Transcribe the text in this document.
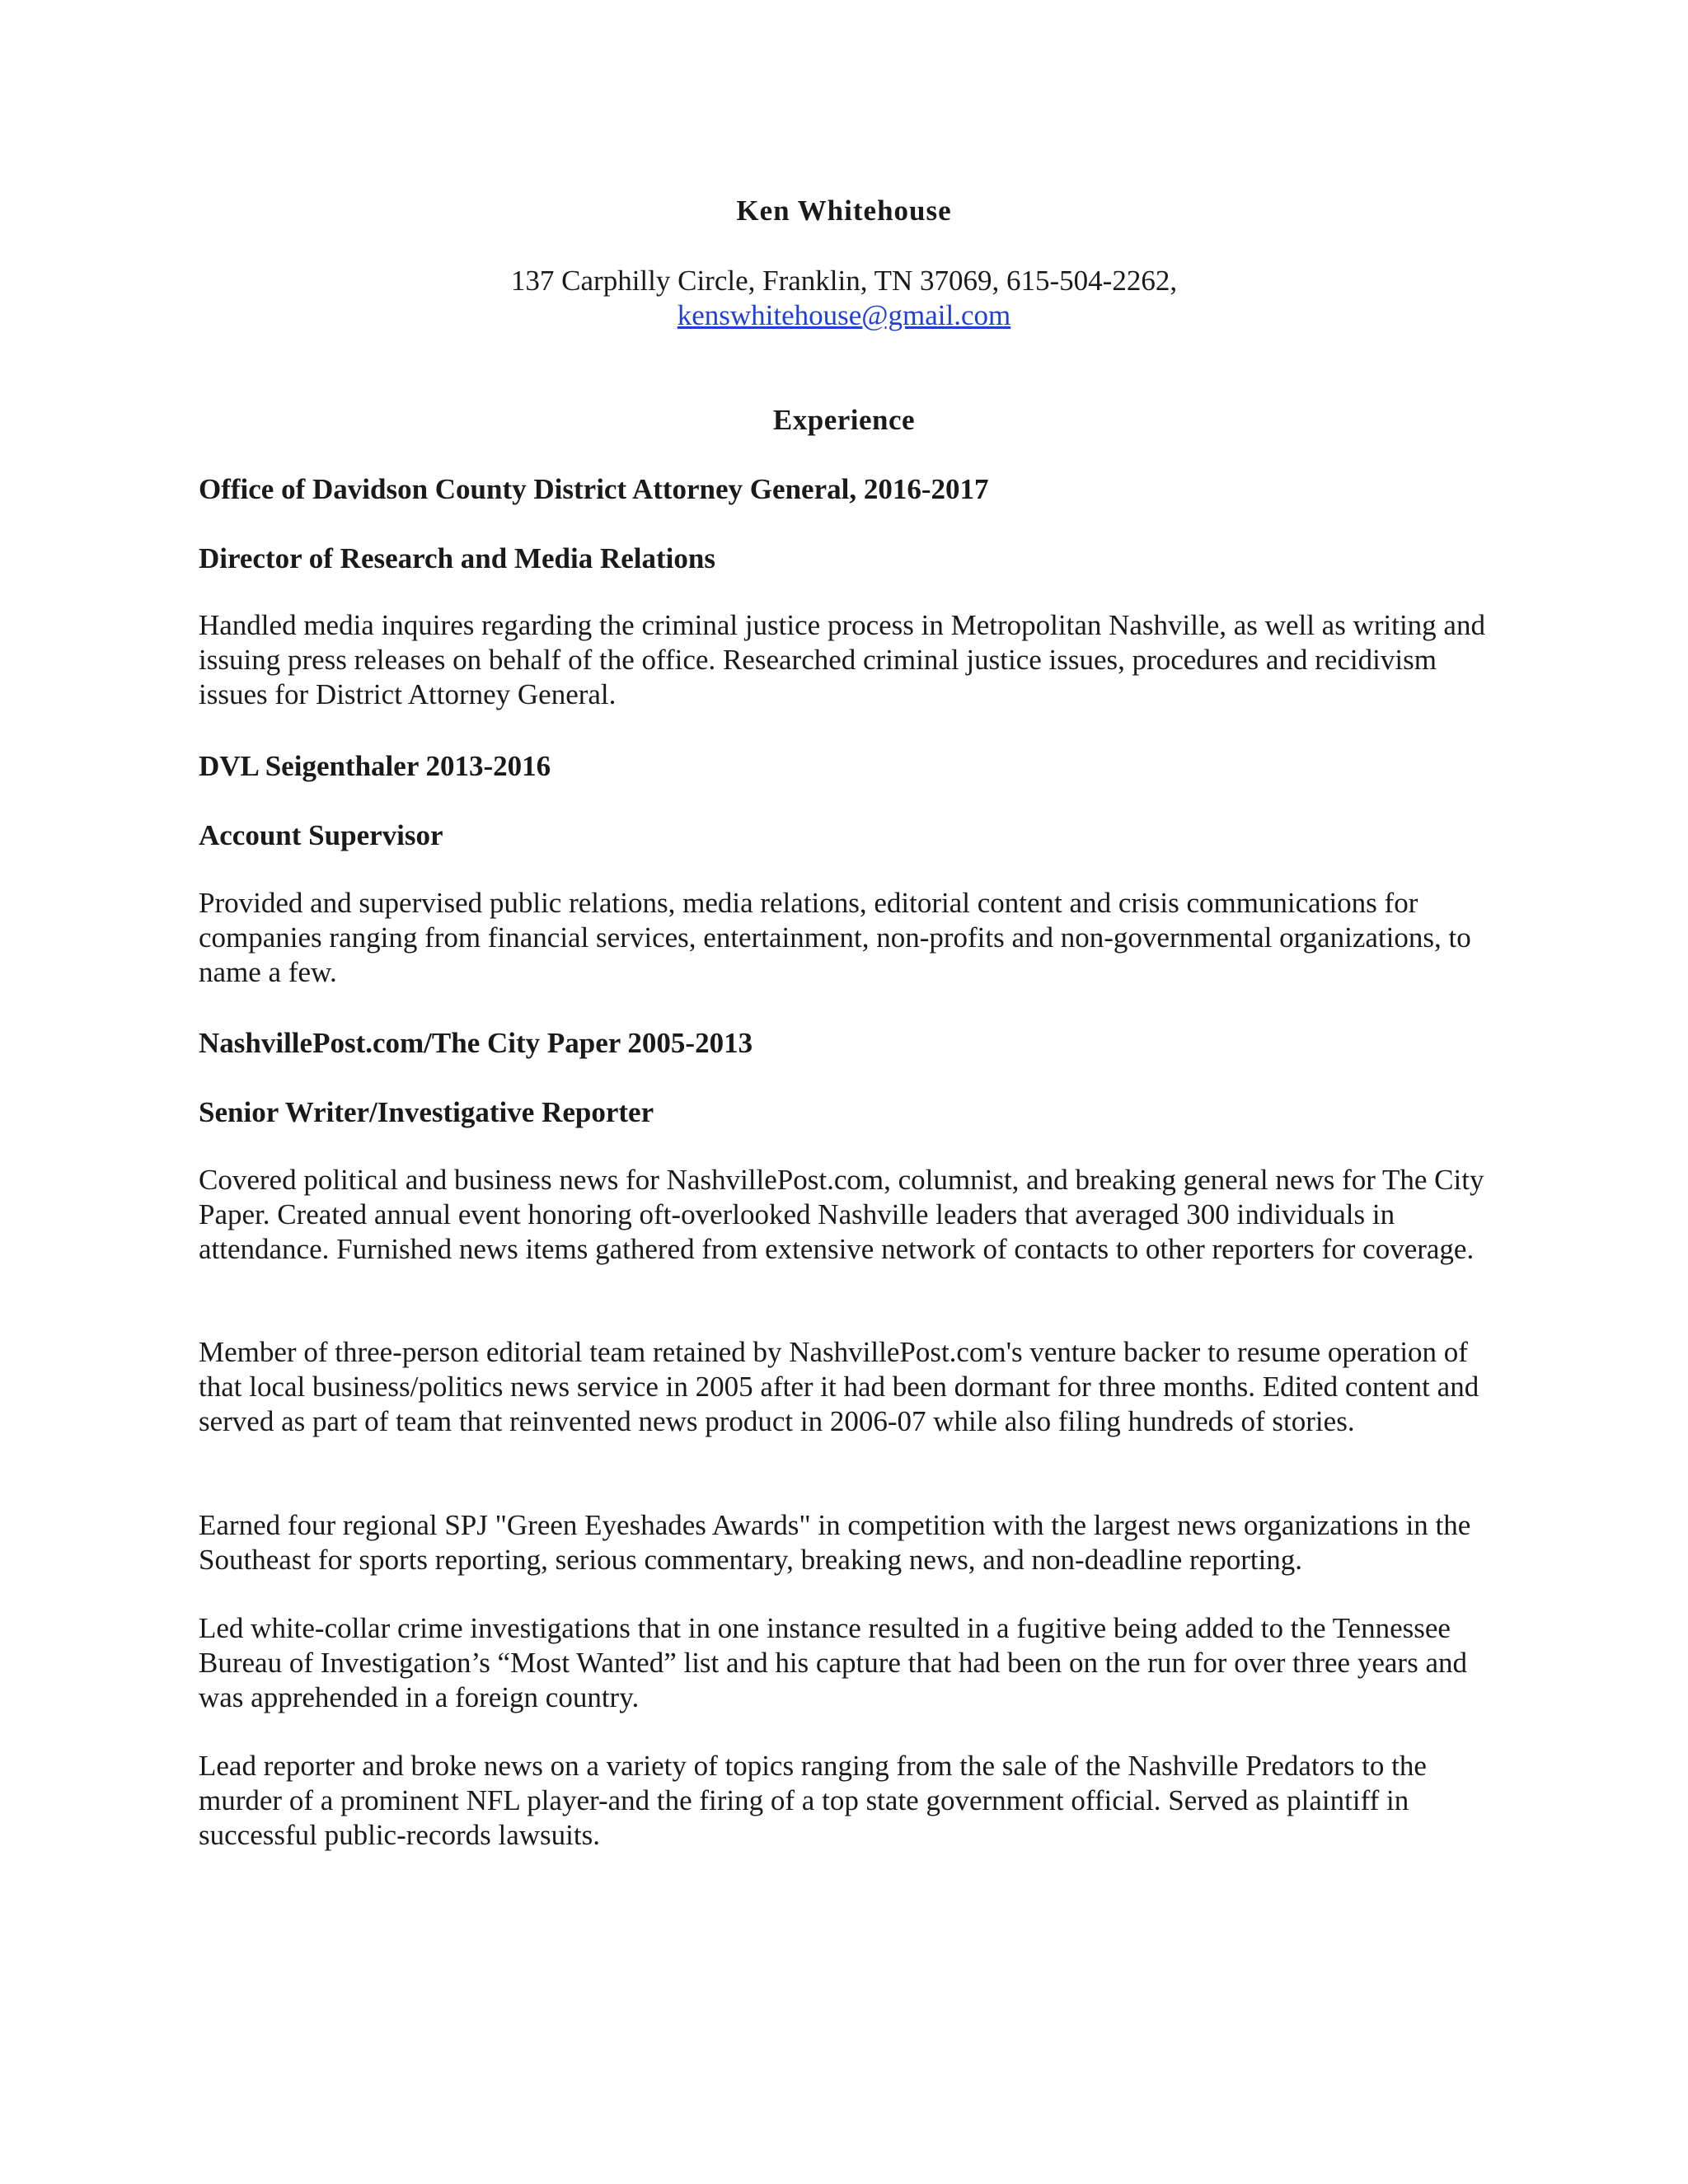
Ken Whitehouse
137 Carphilly Circle, Franklin, TN 37069, 615-504-2262,
kenswhitehouse@gmail.com
Experience
Office of Davidson County District Attorney General, 2016-2017
Director of Research and Media Relations
Handled media inquires regarding the criminal justice process in Metropolitan Nashville, as well as writing and issuing press releases on behalf of the office. Researched criminal justice issues, procedures and recidivism issues for District Attorney General.
DVL Seigenthaler 2013-2016
Account Supervisor
Provided and supervised public relations, media relations, editorial content and crisis communications for companies ranging from financial services, entertainment, non-profits and non-governmental organizations, to name a few.
NashvillePost.com/The City Paper 2005-2013
Senior Writer/Investigative Reporter
Covered political and business news for NashvillePost.com, columnist, and breaking general news for The City Paper. Created annual event honoring oft-overlooked Nashville leaders that averaged 300 individuals in attendance. Furnished news items gathered from extensive network of contacts to other reporters for coverage.
Member of three-person editorial team retained by NashvillePost.com's venture backer to resume operation of that local business/politics news service in 2005 after it had been dormant for three months. Edited content and served as part of team that reinvented news product in 2006-07 while also filing hundreds of stories.
Earned four regional SPJ "Green Eyeshades Awards" in competition with the largest news organizations in the Southeast for sports reporting, serious commentary, breaking news, and non-deadline reporting.
Led white-collar crime investigations that in one instance resulted in a fugitive being added to the Tennessee Bureau of Investigation’s “Most Wanted” list and his capture that had been on the run for over three years and was apprehended in a foreign country.
Lead reporter and broke news on a variety of topics ranging from the sale of the Nashville Predators to the murder of a prominent NFL player-and the firing of a top state government official. Served as plaintiff in successful public-records lawsuits.
